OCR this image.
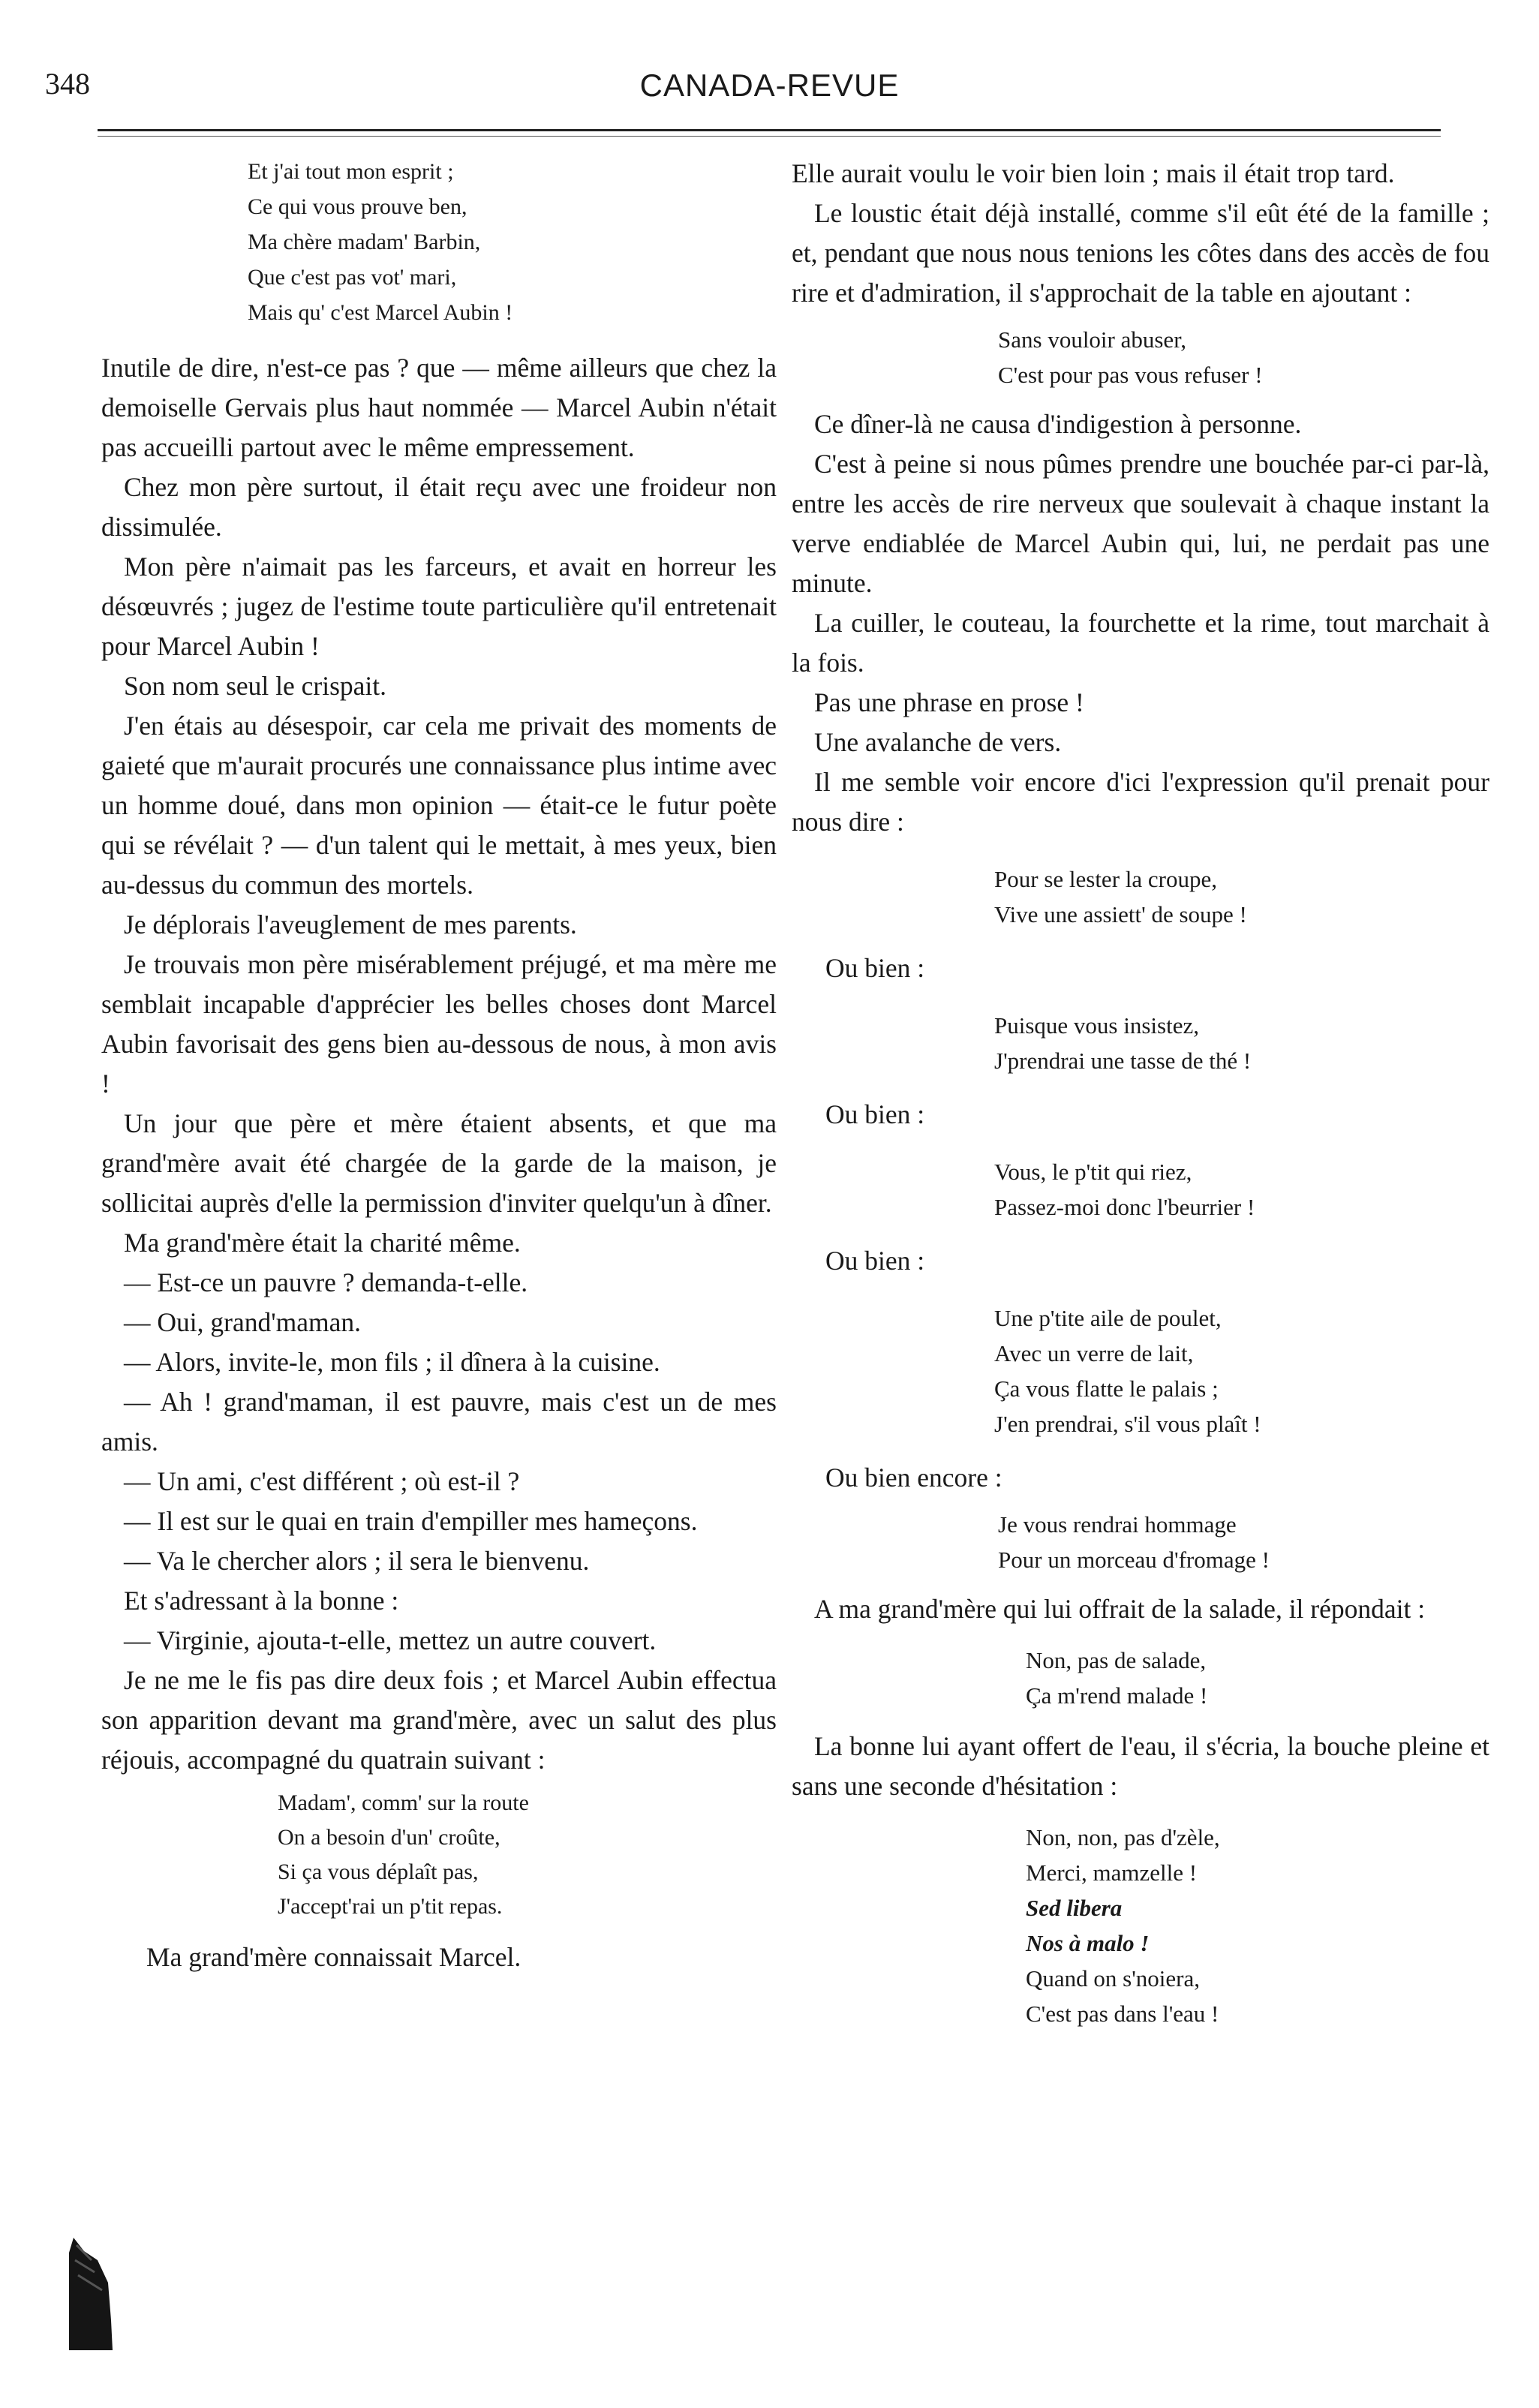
348	CANADA-REVUE
Et j'ai tout mon esprit ;
Ce qui vous prouve ben,
Ma chère madam' Barbin,
Que c'est pas vot' mari,
Mais qu' c'est Marcel Aubin !

Inutile de dire, n'est-ce pas ? que — même ailleurs que chez la demoiselle Gervais plus haut nommée — Marcel Aubin n'était pas accueilli partout avec le même empressement.

Chez mon père surtout, il était reçu avec une froideur non dissimulée.

Mon père n'aimait pas les farceurs, et avait en horreur les désœuvrés ; jugez de l'estime toute particulière qu'il entretenait pour Marcel Aubin !

Son nom seul le crispait.

J'en étais au désespoir, car cela me privait des moments de gaieté que m'aurait procurés une connaissance plus intime avec un homme doué, dans mon opinion — était-ce le futur poète qui se révélait ? — d'un talent qui le mettait, à mes yeux, bien au-dessus du commun des mortels.

Je déplorais l'aveuglement de mes parents.

Je trouvais mon père misérablement préjugé, et ma mère me semblait incapable d'apprécier les belles choses dont Marcel Aubin favorisait des gens bien au-dessous de nous, à mon avis !

Un jour que père et mère étaient absents, et que ma grand'mère avait été chargée de la garde de la maison, je sollicitai auprès d'elle la permission d'inviter quelqu'un à dîner.

Ma grand'mère était la charité même.

— Est-ce un pauvre ? demanda-t-elle.

— Oui, grand'maman.

— Alors, invite-le, mon fils ; il dînera à la cuisine.

— Ah ! grand'maman, il est pauvre, mais c'est un de mes amis.

— Un ami, c'est différent ; où est-il ?

— Il est sur le quai en train d'empiller mes hameçons.

— Va le chercher alors ; il sera le bienvenu.

Et s'adressant à la bonne :

— Virginie, ajouta-t-elle, mettez un autre couvert.

Je ne me le fis pas dire deux fois ; et Marcel Aubin effectua son apparition devant ma grand'mère, avec un salut des plus réjouis, accompagné du quatrain suivant :

Madam', comm' sur la route
On a besoin d'un' croûte,
Si ça vous déplaît pas,
J'accept'rai un p'tit repas.

Ma grand'mère connaissait Marcel.

Elle aurait voulu le voir bien loin ; mais il était trop tard.

Le loustic était déjà installé, comme s'il eût été de la famille ; et, pendant que nous nous tenions les côtes dans des accès de fou rire et d'admiration, il s'approchait de la table en ajoutant :

Sans vouloir abuser,
C'est pour pas vous refuser !

Ce dîner-là ne causa d'indigestion à personne.

C'est à peine si nous pûmes prendre une bouchée par-ci par-là, entre les accès de rire nerveux que soulevait à chaque instant la verve endiablée de Marcel Aubin qui, lui, ne perdait pas une minute.

La cuiller, le couteau, la fourchette et la rime, tout marchait à la fois.

Pas une phrase en prose !

Une avalanche de vers.

Il me semble voir encore d'ici l'expression qu'il prenait pour nous dire :

Pour se lester la croupe,
Vive une assiett' de soupe !

Ou bien :

Puisque vous insistez,
J'prendrai une tasse de thé !

Ou bien :

Vous, le p'tit qui riez,
Passez-moi donc l'beurrier !

Ou bien :

Une p'tite aile de poulet,
Avec un verre de lait,
Ça vous flatte le palais ;
J'en prendrai, s'il vous plaît !

Ou bien encore :

Je vous rendrai hommage
Pour un morceau d'fromage !

A ma grand'mère qui lui offrait de la salade, il répondait :

Non, pas de salade,
Ça m'rend malade !

La bonne lui ayant offert de l'eau, il s'écria, la bouche pleine et sans une seconde d'hésitation :

Non, non, pas d'zèle,
Merci, mamzelle !
Sed libera
Nos à malo !
Quand on s'noiera,
C'est pas dans l'eau !
